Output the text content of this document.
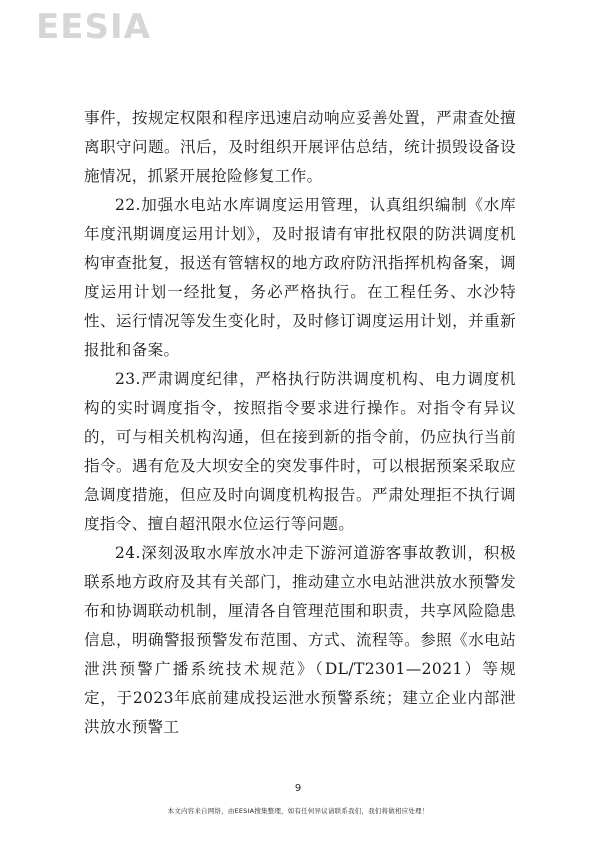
EESIA

事件，按规定权限和程序迅速启动响应妥善处置，严肃查处擅离职守问题。汛后，及时组织开展评估总结，统计损毁设备设施情况，抓紧开展抢险修复工作。

22.加强水电站水库调度运用管理，认真组织编制《水库年度汛期调度运用计划》，及时报请有审批权限的防洪调度机构审查批复，报送有管辖权的地方政府防汛指挥机构备案，调度运用计划一经批复，务必严格执行。在工程任务、水沙特性、运行情况等发生变化时，及时修订调度运用计划，并重新报批和备案。

23.严肃调度纪律，严格执行防洪调度机构、电力调度机构的实时调度指令，按照指令要求进行操作。对指令有异议的，可与相关机构沟通，但在接到新的指令前，仍应执行当前指令。遇有危及大坝安全的突发事件时，可以根据预案采取应急调度措施，但应及时向调度机构报告。严肃处理拒不执行调度指令、擅自超汛限水位运行等问题。

24.深刻汲取水库放水冲走下游河道游客事故教训，积极联系地方政府及其有关部门，推动建立水电站泄洪放水预警发布和协调联动机制，厘清各自管理范围和职责，共享风险隐患信息，明确警报预警发布范围、方式、流程等。参照《水电站泄洪预警广播系统技术规范》（DL/T2301—2021）等规定，于2023年底前建成投运泄水预警系统；建立企业内部泄洪放水预警工

9
本文内容来自网络，由EESIA搜集整理，如有任何异议请联系我们，我们将做相应处理！
